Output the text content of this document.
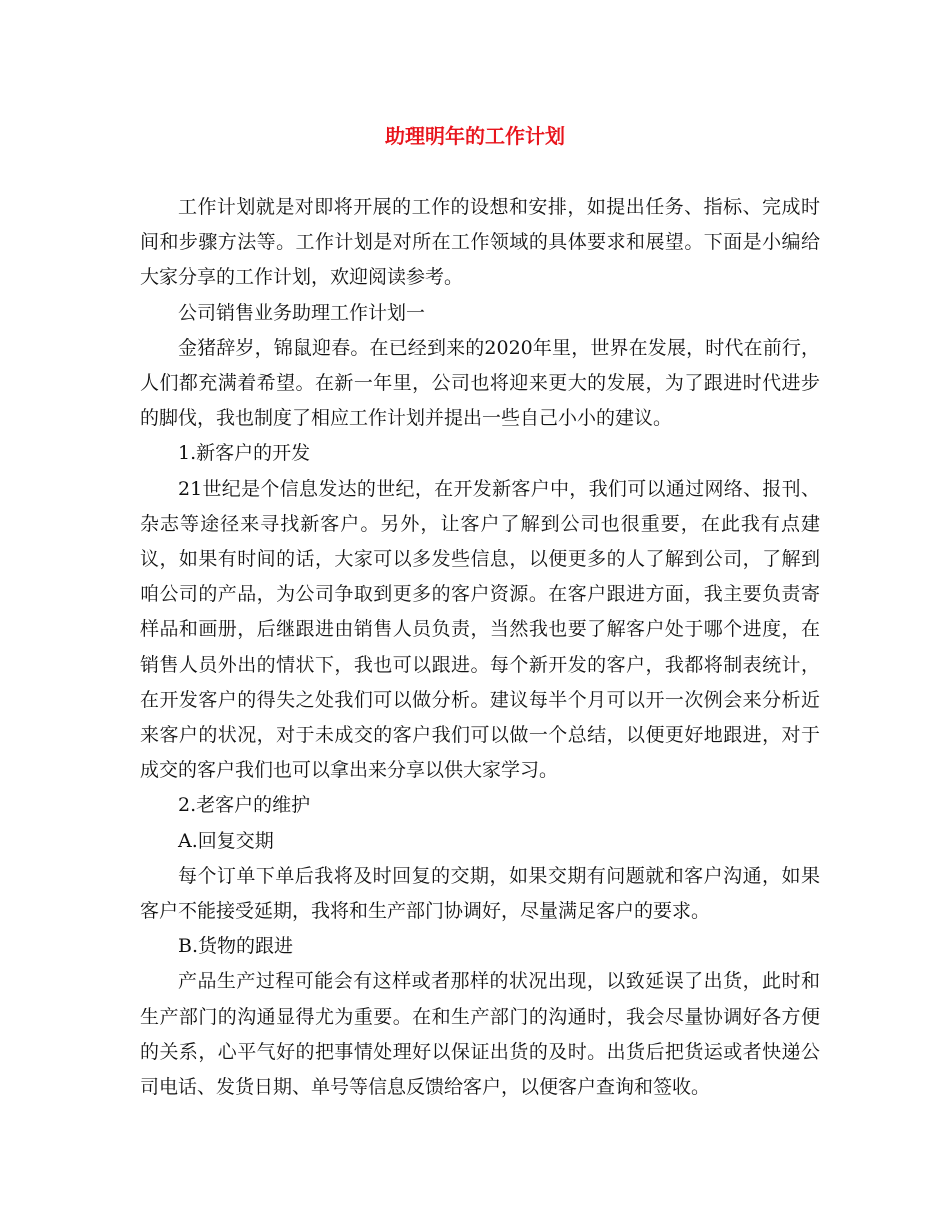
助理明年的工作计划

工作计划就是对即将开展的工作的设想和安排，如提出任务、指标、完成时间和步骤方法等。工作计划是对所在工作领域的具体要求和展望。下面是小编给大家分享的工作计划，欢迎阅读参考。

公司销售业务助理工作计划一

金猪辞岁，锦鼠迎春。在已经到来的2020年里，世界在发展，时代在前行，人们都充满着希望。在新一年里，公司也将迎来更大的发展，为了跟进时代进步的脚伐，我也制度了相应工作计划并提出一些自己小小的建议。

1.新客户的开发

21世纪是个信息发达的世纪，在开发新客户中，我们可以通过网络、报刊、杂志等途径来寻找新客户。另外，让客户了解到公司也很重要，在此我有点建议，如果有时间的话，大家可以多发些信息，以便更多的人了解到公司，了解到咱公司的产品，为公司争取到更多的客户资源。在客户跟进方面，我主要负责寄样品和画册，后继跟进由销售人员负责，当然我也要了解客户处于哪个进度，在销售人员外出的情状下，我也可以跟进。每个新开发的客户，我都将制表统计，在开发客户的得失之处我们可以做分析。建议每半个月可以开一次例会来分析近来客户的状况，对于未成交的客户我们可以做一个总结，以便更好地跟进，对于成交的客户我们也可以拿出来分享以供大家学习。

2.老客户的维护

A.回复交期

每个订单下单后我将及时回复的交期，如果交期有问题就和客户沟通，如果客户不能接受延期，我将和生产部门协调好，尽量满足客户的要求。

B.货物的跟进

产品生产过程可能会有这样或者那样的状况出现，以致延误了出货，此时和生产部门的沟通显得尤为重要。在和生产部门的沟通时，我会尽量协调好各方便的关系，心平气好的把事情处理好以保证出货的及时。出货后把货运或者快递公司电话、发货日期、单号等信息反馈给客户，以便客户查询和签收。
